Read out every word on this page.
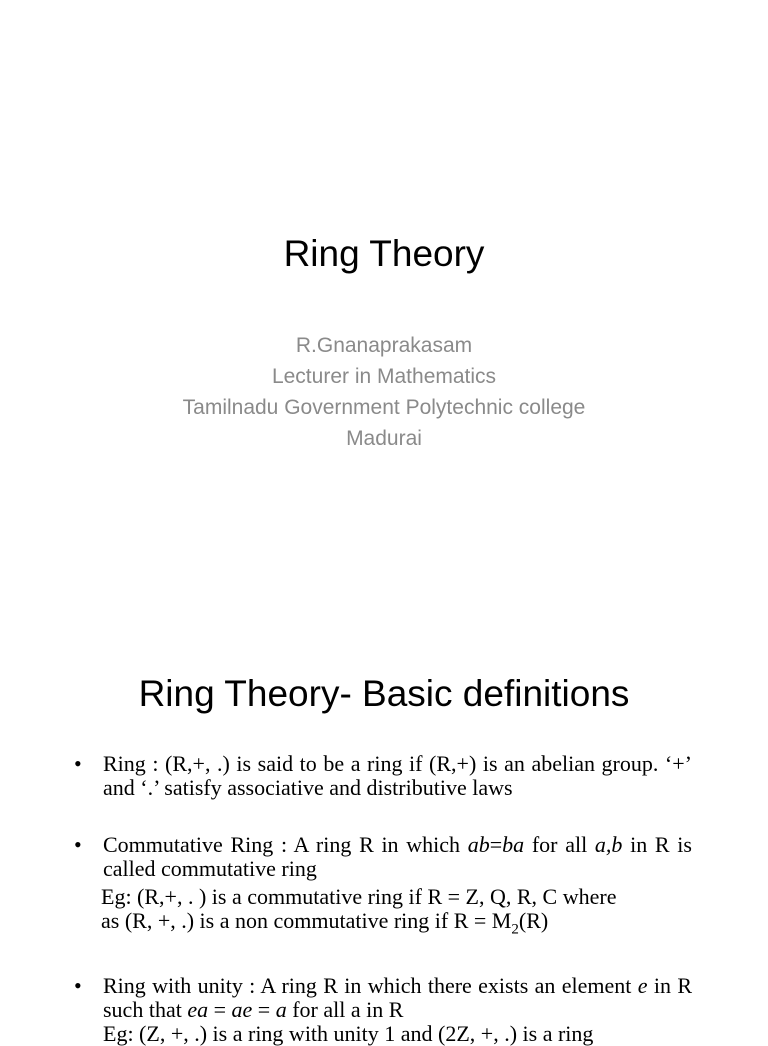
Ring Theory
R.Gnanaprakasam
Lecturer in Mathematics
Tamilnadu Government Polytechnic college
Madurai
Ring Theory- Basic definitions
• Ring : (R,+, .) is said to be a ring if (R,+) is an abelian group. ‘+’ and ‘.’ satisfy associative and distributive laws
• Commutative Ring : A ring R in which ab=ba for all a,b in R is called commutative ring
Eg: (R,+, . ) is a commutative ring if R = Z, Q, R, C where
as (R, +, .) is a non commutative ring if $R = M_2(R)$
• Ring with unity : A ring R in which there exists an element e in R such that ea = ae = a for all a in R
Eg: (Z, +, .) is a ring with unity 1 and (2Z, +, .) is a ring
